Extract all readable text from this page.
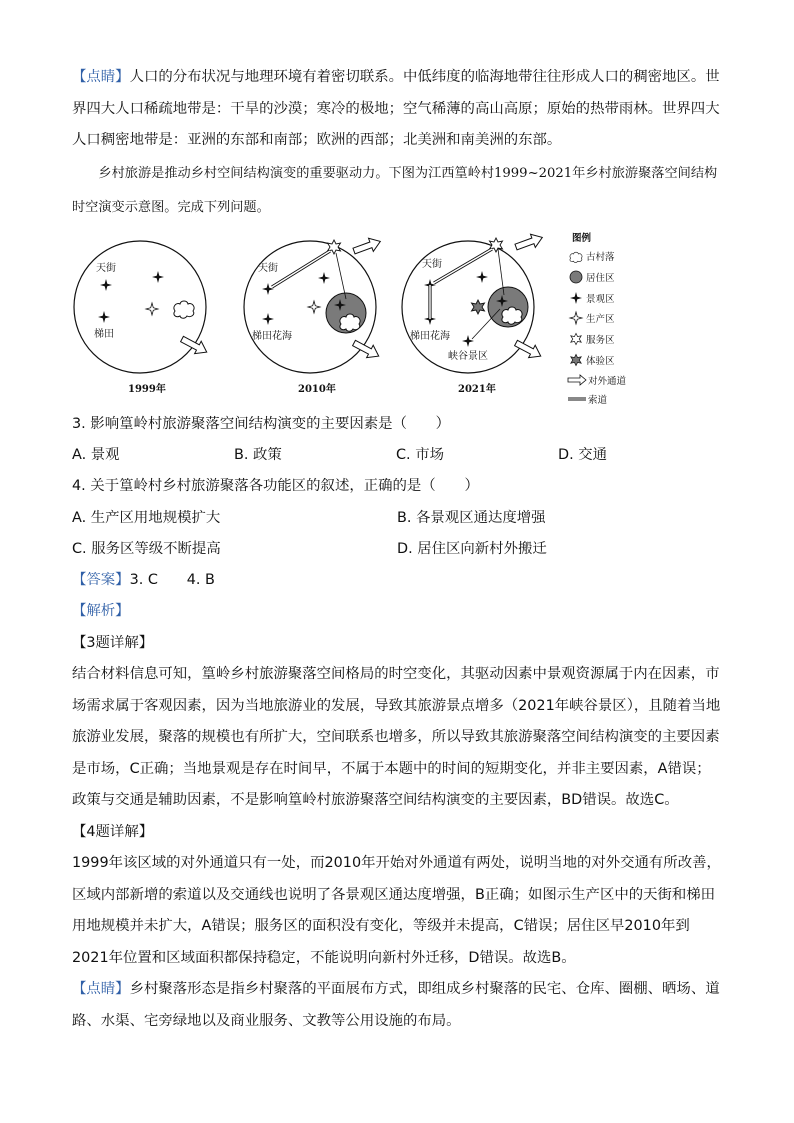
【点睛】人口的分布状况与地理环境有着密切联系。中低纬度的临海地带往往形成人口的稠密地区。世界四大人口稀疏地带是：干旱的沙漠；寒冷的极地；空气稀薄的高山高原；原始的热带雨林。世界四大人口稠密地带是：亚洲的东部和南部；欧洲的西部；北美洲和南美洲的东部。

乡村旅游是推动乡村空间结构演变的重要驱动力。下图为江西篁岭村1999~2021年乡村旅游聚落空间结构时空演变示意图。完成下列问题。

天街
梯田
1999年
天街
梯田花海
2010年
天街
梯田花海
峡谷景区
2021年
图例
古村落
居住区
景观区
生产区
服务区
体验区
对外通道
索道

3. 影响篁岭村旅游聚落空间结构演变的主要因素是（　　）

A. 景观	B. 政策	C. 市场	D. 交通

4. 关于篁岭村乡村旅游聚落各功能区的叙述，正确的是（　　）

A. 生产区用地规模扩大	B. 各景观区通达度增强
C. 服务区等级不断提高	D. 居住区向新村外搬迁

【答案】3. C　　4. B

【解析】

【3题详解】

结合材料信息可知，篁岭乡村旅游聚落空间格局的时空变化，其驱动因素中景观资源属于内在因素，市场需求属于客观因素，因为当地旅游业的发展，导致其旅游景点增多（2021年峡谷景区），且随着当地旅游业发展，聚落的规模也有所扩大，空间联系也增多，所以导致其旅游聚落空间结构演变的主要因素是市场，C正确；当地景观是存在时间早，不属于本题中的时间的短期变化，并非主要因素，A错误；政策与交通是辅助因素，不是影响篁岭村旅游聚落空间结构演变的主要因素，BD错误。故选C。

【4题详解】

1999年该区域的对外通道只有一处，而2010年开始对外通道有两处，说明当地的对外交通有所改善，区域内部新增的索道以及交通线也说明了各景观区通达度增强，B正确；如图示生产区中的天街和梯田用地规模并未扩大，A错误；服务区的面积没有变化，等级并未提高，C错误；居住区早2010年到2021年位置和区域面积都保持稳定，不能说明向新村外迁移，D错误。故选B。

【点睛】乡村聚落形态是指乡村聚落的平面展布方式，即组成乡村聚落的民宅、仓库、圈棚、晒场、道路、水渠、宅旁绿地以及商业服务、文教等公用设施的布局。
